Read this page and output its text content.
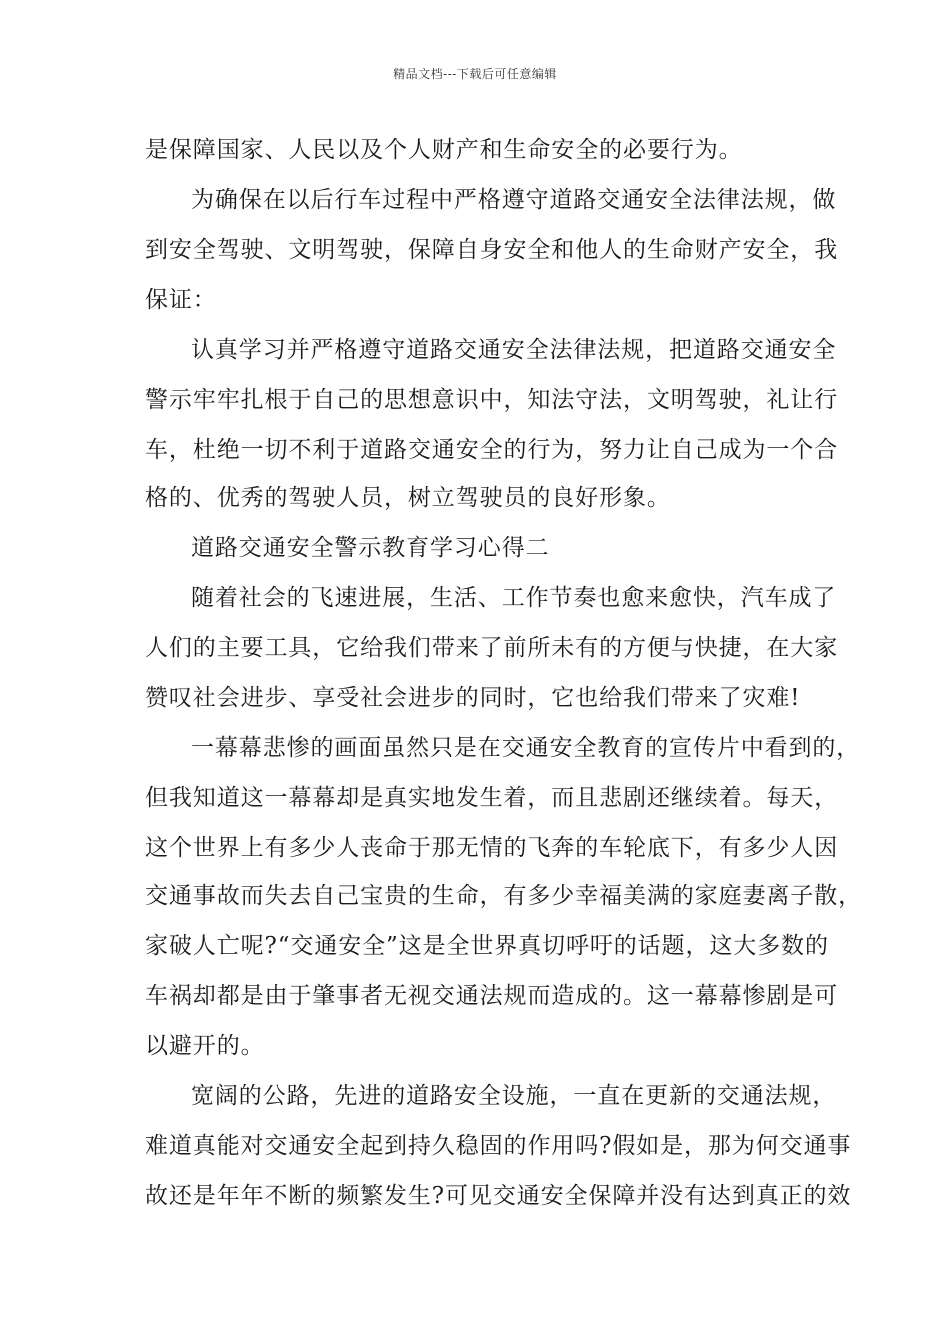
精品文档---下载后可任意编辑
是保障国家、人民以及个人财产和生命安全的必要行为。
为确保在以后行车过程中严格遵守道路交通安全法律法规，做
到安全驾驶、文明驾驶，保障自身安全和他人的生命财产安全，我
保证：
认真学习并严格遵守道路交通安全法律法规，把道路交通安全
警示牢牢扎根于自己的思想意识中，知法守法，文明驾驶，礼让行
车，杜绝一切不利于道路交通安全的行为，努力让自己成为一个合
格的、优秀的驾驶人员，树立驾驶员的良好形象。
道路交通安全警示教育学习心得二
随着社会的飞速进展，生活、工作节奏也愈来愈快，汽车成了
人们的主要工具，它给我们带来了前所未有的方便与快捷，在大家
赞叹社会进步、享受社会进步的同时，它也给我们带来了灾难!
一幕幕悲惨的画面虽然只是在交通安全教育的宣传片中看到的，
但我知道这一幕幕却是真实地发生着，而且悲剧还继续着。每天，
这个世界上有多少人丧命于那无情的飞奔的车轮底下，有多少人因
交通事故而失去自己宝贵的生命，有多少幸福美满的家庭妻离子散，
家破人亡呢?“交通安全”这是全世界真切呼吁的话题，这大多数的
车祸却都是由于肇事者无视交通法规而造成的。这一幕幕惨剧是可
以避开的。
宽阔的公路，先进的道路安全设施，一直在更新的交通法规，
难道真能对交通安全起到持久稳固的作用吗?假如是，那为何交通事
故还是年年不断的频繁发生?可见交通安全保障并没有达到真正的效
